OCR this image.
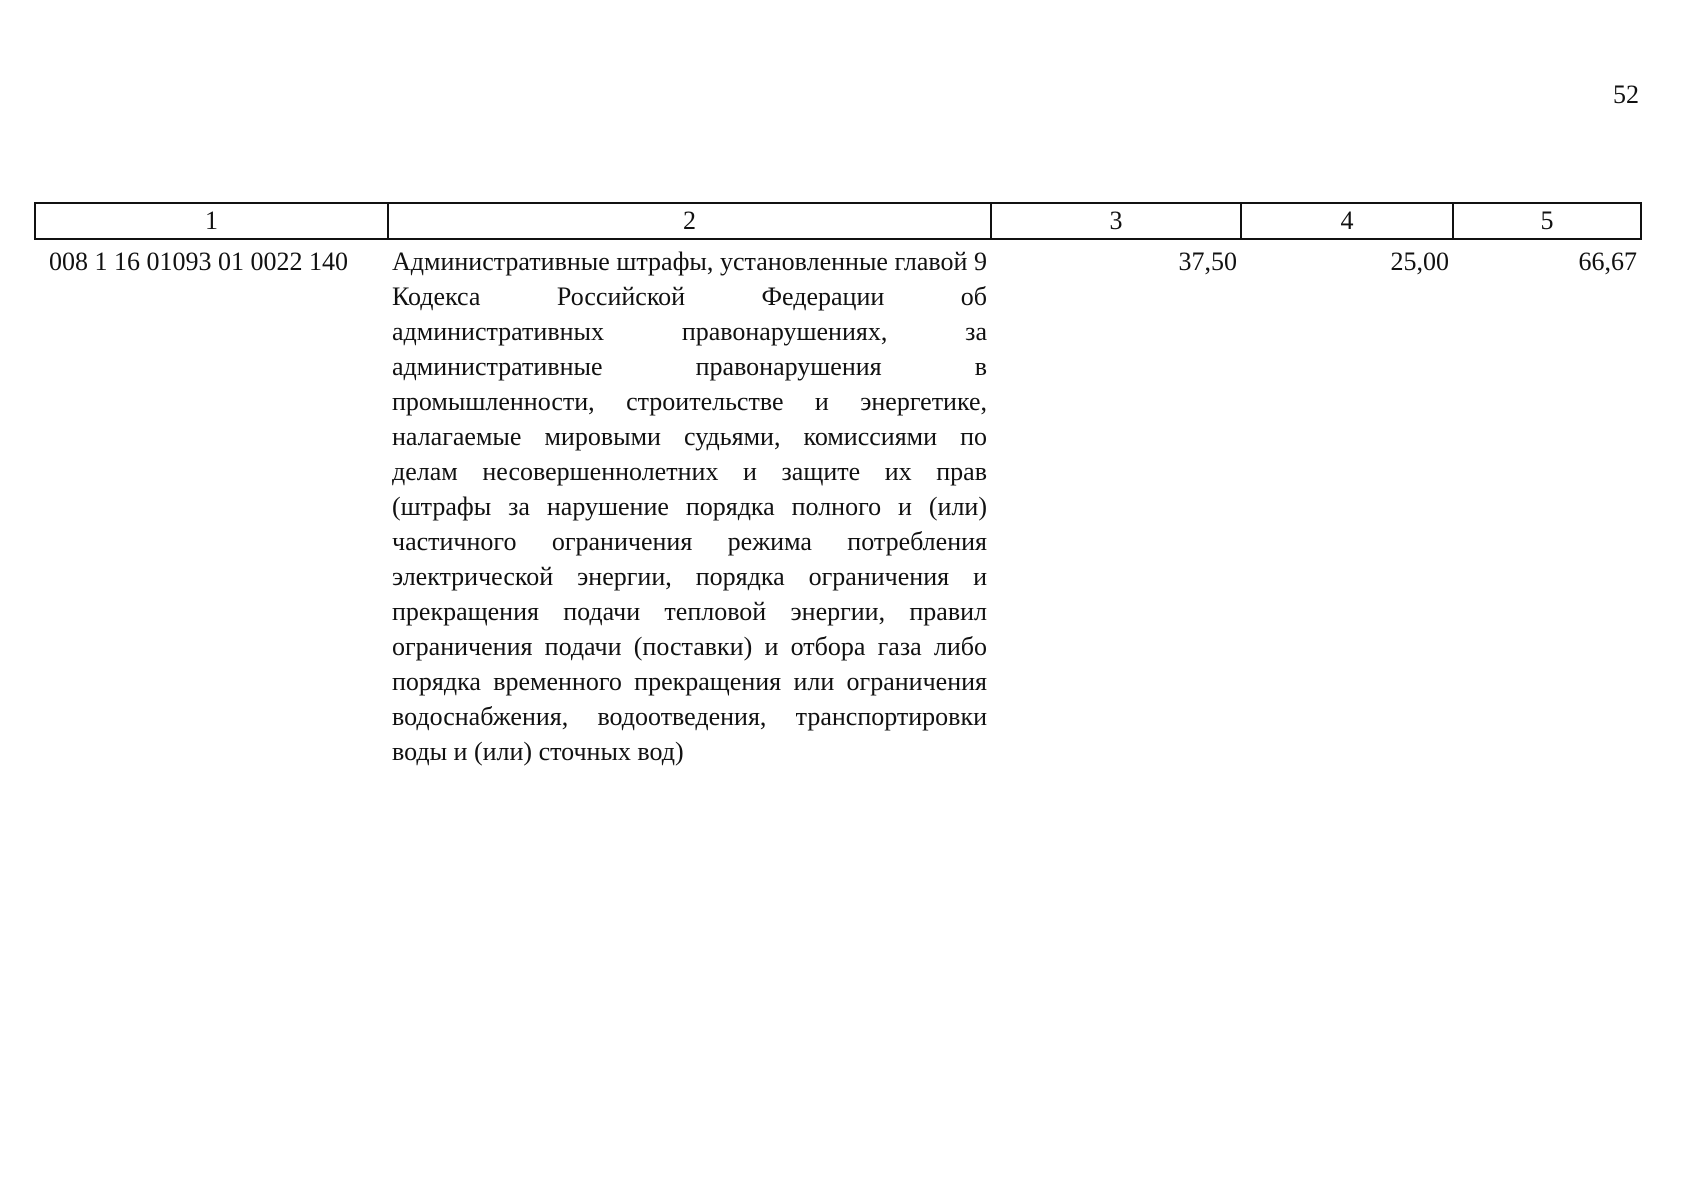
52
1	2	3	4	5
008 1 16 01093 01 0022 140	Административные штрафы, установленные главой 9 Кодекса Российской Федерации об административных правонарушениях, за административные правонарушения в промышленности, строительстве и энергетике, налагаемые мировыми судьями, комиссиями по делам несовершеннолетних и защите их прав (штрафы за нарушение порядка полного и (или) частичного ограничения режима потребления электрической энергии, порядка ограничения и прекращения подачи тепловой энергии, правил ограничения подачи (поставки) и отбора газа либо порядка временного прекращения или ограничения водоснабжения, водоотведения, транспортировки воды и (или) сточных вод)	37,50	25,00	66,67
